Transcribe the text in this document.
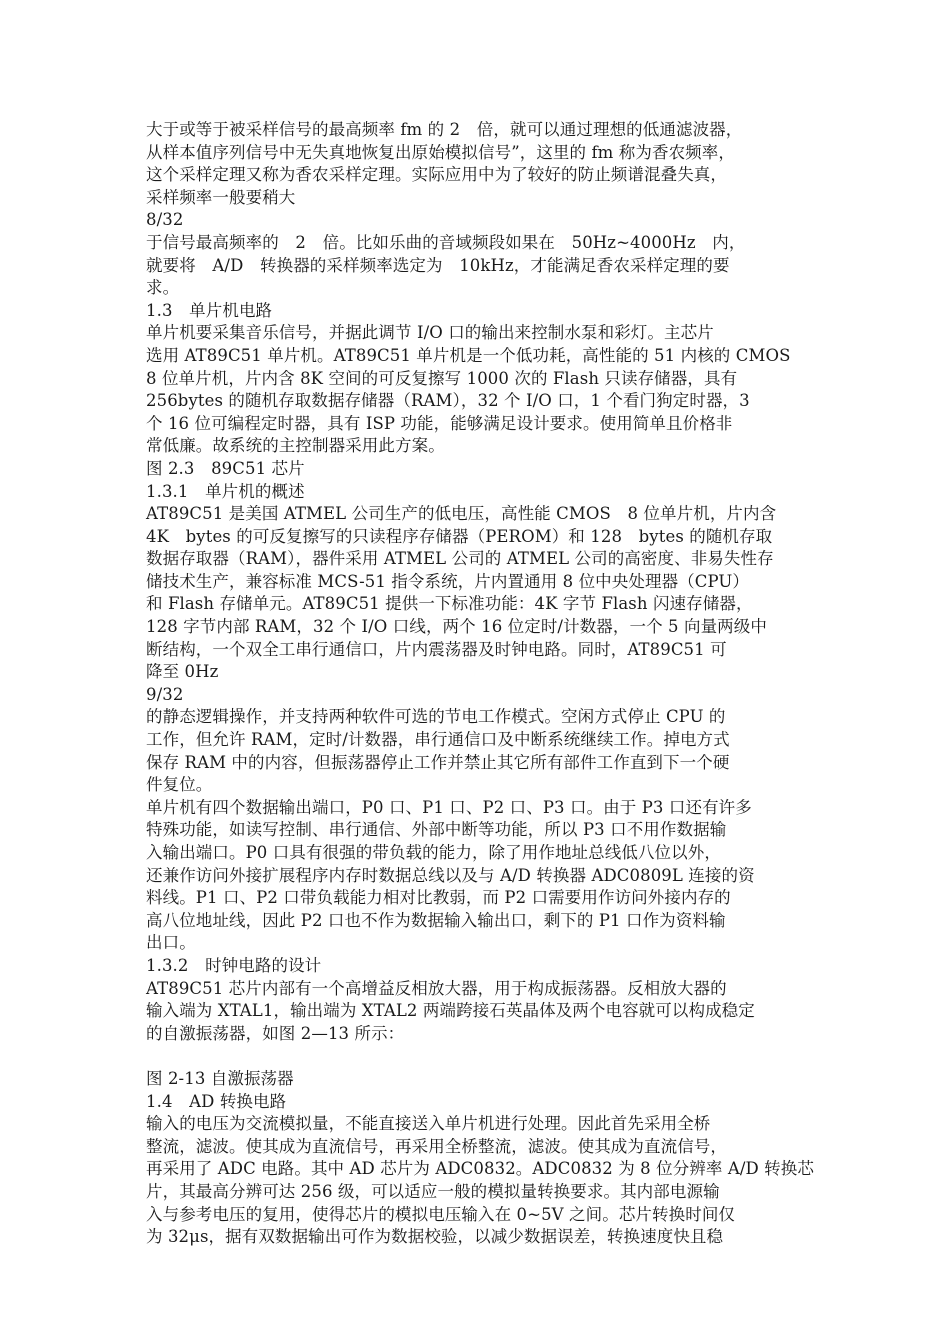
大于或等于被采样信号的最高频率 fm 的 2　倍，就可以通过理想的低通滤波器，
从样本值序列信号中无失真地恢复出原始模拟信号”，这里的 fm 称为香农频率，
这个采样定理又称为香农采样定理。实际应用中为了较好的防止频谱混叠失真，
采样频率一般要稍大
8/32
于信号最高频率的　2　倍。比如乐曲的音域频段如果在　50Hz~4000Hz　内，
就要将　A/D　转换器的采样频率选定为　10kHz，才能满足香农采样定理的要
求。
1.3　单片机电路
单片机要采集音乐信号，并据此调节 I/O 口的输出来控制水泵和彩灯。主芯片
选用 AT89C51 单片机。AT89C51 单片机是一个低功耗，高性能的 51 内核的 CMOS
8 位单片机，片内含 8K 空间的可反复擦写 1000 次的 Flash 只读存储器，具有
256bytes 的随机存取数据存储器（RAM），32 个 I/O 口，1 个看门狗定时器，3
个 16 位可编程定时器，具有 ISP 功能，能够满足设计要求。使用简单且价格非
常低廉。故系统的主控制器采用此方案。
图 2.3　89C51 芯片
1.3.1　单片机的概述
AT89C51 是美国 ATMEL 公司生产的低电压，高性能 CMOS　8 位单片机，片内含
4K　bytes 的可反复擦写的只读程序存储器（PEROM）和 128　bytes 的随机存取
数据存取器（RAM），器件采用 ATMEL 公司的 ATMEL 公司的高密度、非易失性存
储技术生产，兼容标准 MCS-51 指令系统，片内置通用 8 位中央处理器（CPU）
和 Flash 存储单元。AT89C51 提供一下标准功能：4K 字节 Flash 闪速存储器，
128 字节内部 RAM，32 个 I/O 口线，两个 16 位定时/计数器，一个 5 向量两级中
断结构，一个双全工串行通信口，片内震荡器及时钟电路。同时，AT89C51 可
降至 0Hz
9/32
的静态逻辑操作，并支持两种软件可选的节电工作模式。空闲方式停止 CPU 的
工作，但允许 RAM，定时/计数器，串行通信口及中断系统继续工作。掉电方式
保存 RAM 中的内容，但振荡器停止工作并禁止其它所有部件工作直到下一个硬
件复位。
单片机有四个数据输出端口，P0 口、P1 口、P2 口、P3 口。由于 P3 口还有许多
特殊功能，如读写控制、串行通信、外部中断等功能，所以 P3 口不用作数据输
入输出端口。P0 口具有很强的带负载的能力，除了用作地址总线低八位以外，
还兼作访问外接扩展程序内存时数据总线以及与 A/D 转换器 ADC0809L 连接的资
料线。P1 口、P2 口带负载能力相对比教弱，而 P2 口需要用作访问外接内存的
高八位地址线，因此 P2 口也不作为数据输入输出口，剩下的 P1 口作为资料输
出口。
1.3.2　时钟电路的设计
AT89C51 芯片内部有一个高增益反相放大器，用于构成振荡器。反相放大器的
输入端为 XTAL1，输出端为 XTAL2 两端跨接石英晶体及两个电容就可以构成稳定
的自激振荡器，如图 2—13 所示：
图 2-13 自激振荡器
1.4　AD 转换电路
输入的电压为交流模拟量，不能直接送入单片机进行处理。因此首先采用全桥
整流，滤波。使其成为直流信号，再采用全桥整流，滤波。使其成为直流信号，
再采用了 ADC 电路。其中 AD 芯片为 ADC0832。ADC0832 为 8 位分辨率 A/D 转换芯
片，其最高分辨可达 256 级，可以适应一般的模拟量转换要求。其内部电源输
入与参考电压的复用，使得芯片的模拟电压输入在 0~5V 之间。芯片转换时间仅
为 32μs，据有双数据输出可作为数据校验，以减少数据误差，转换速度快且稳
